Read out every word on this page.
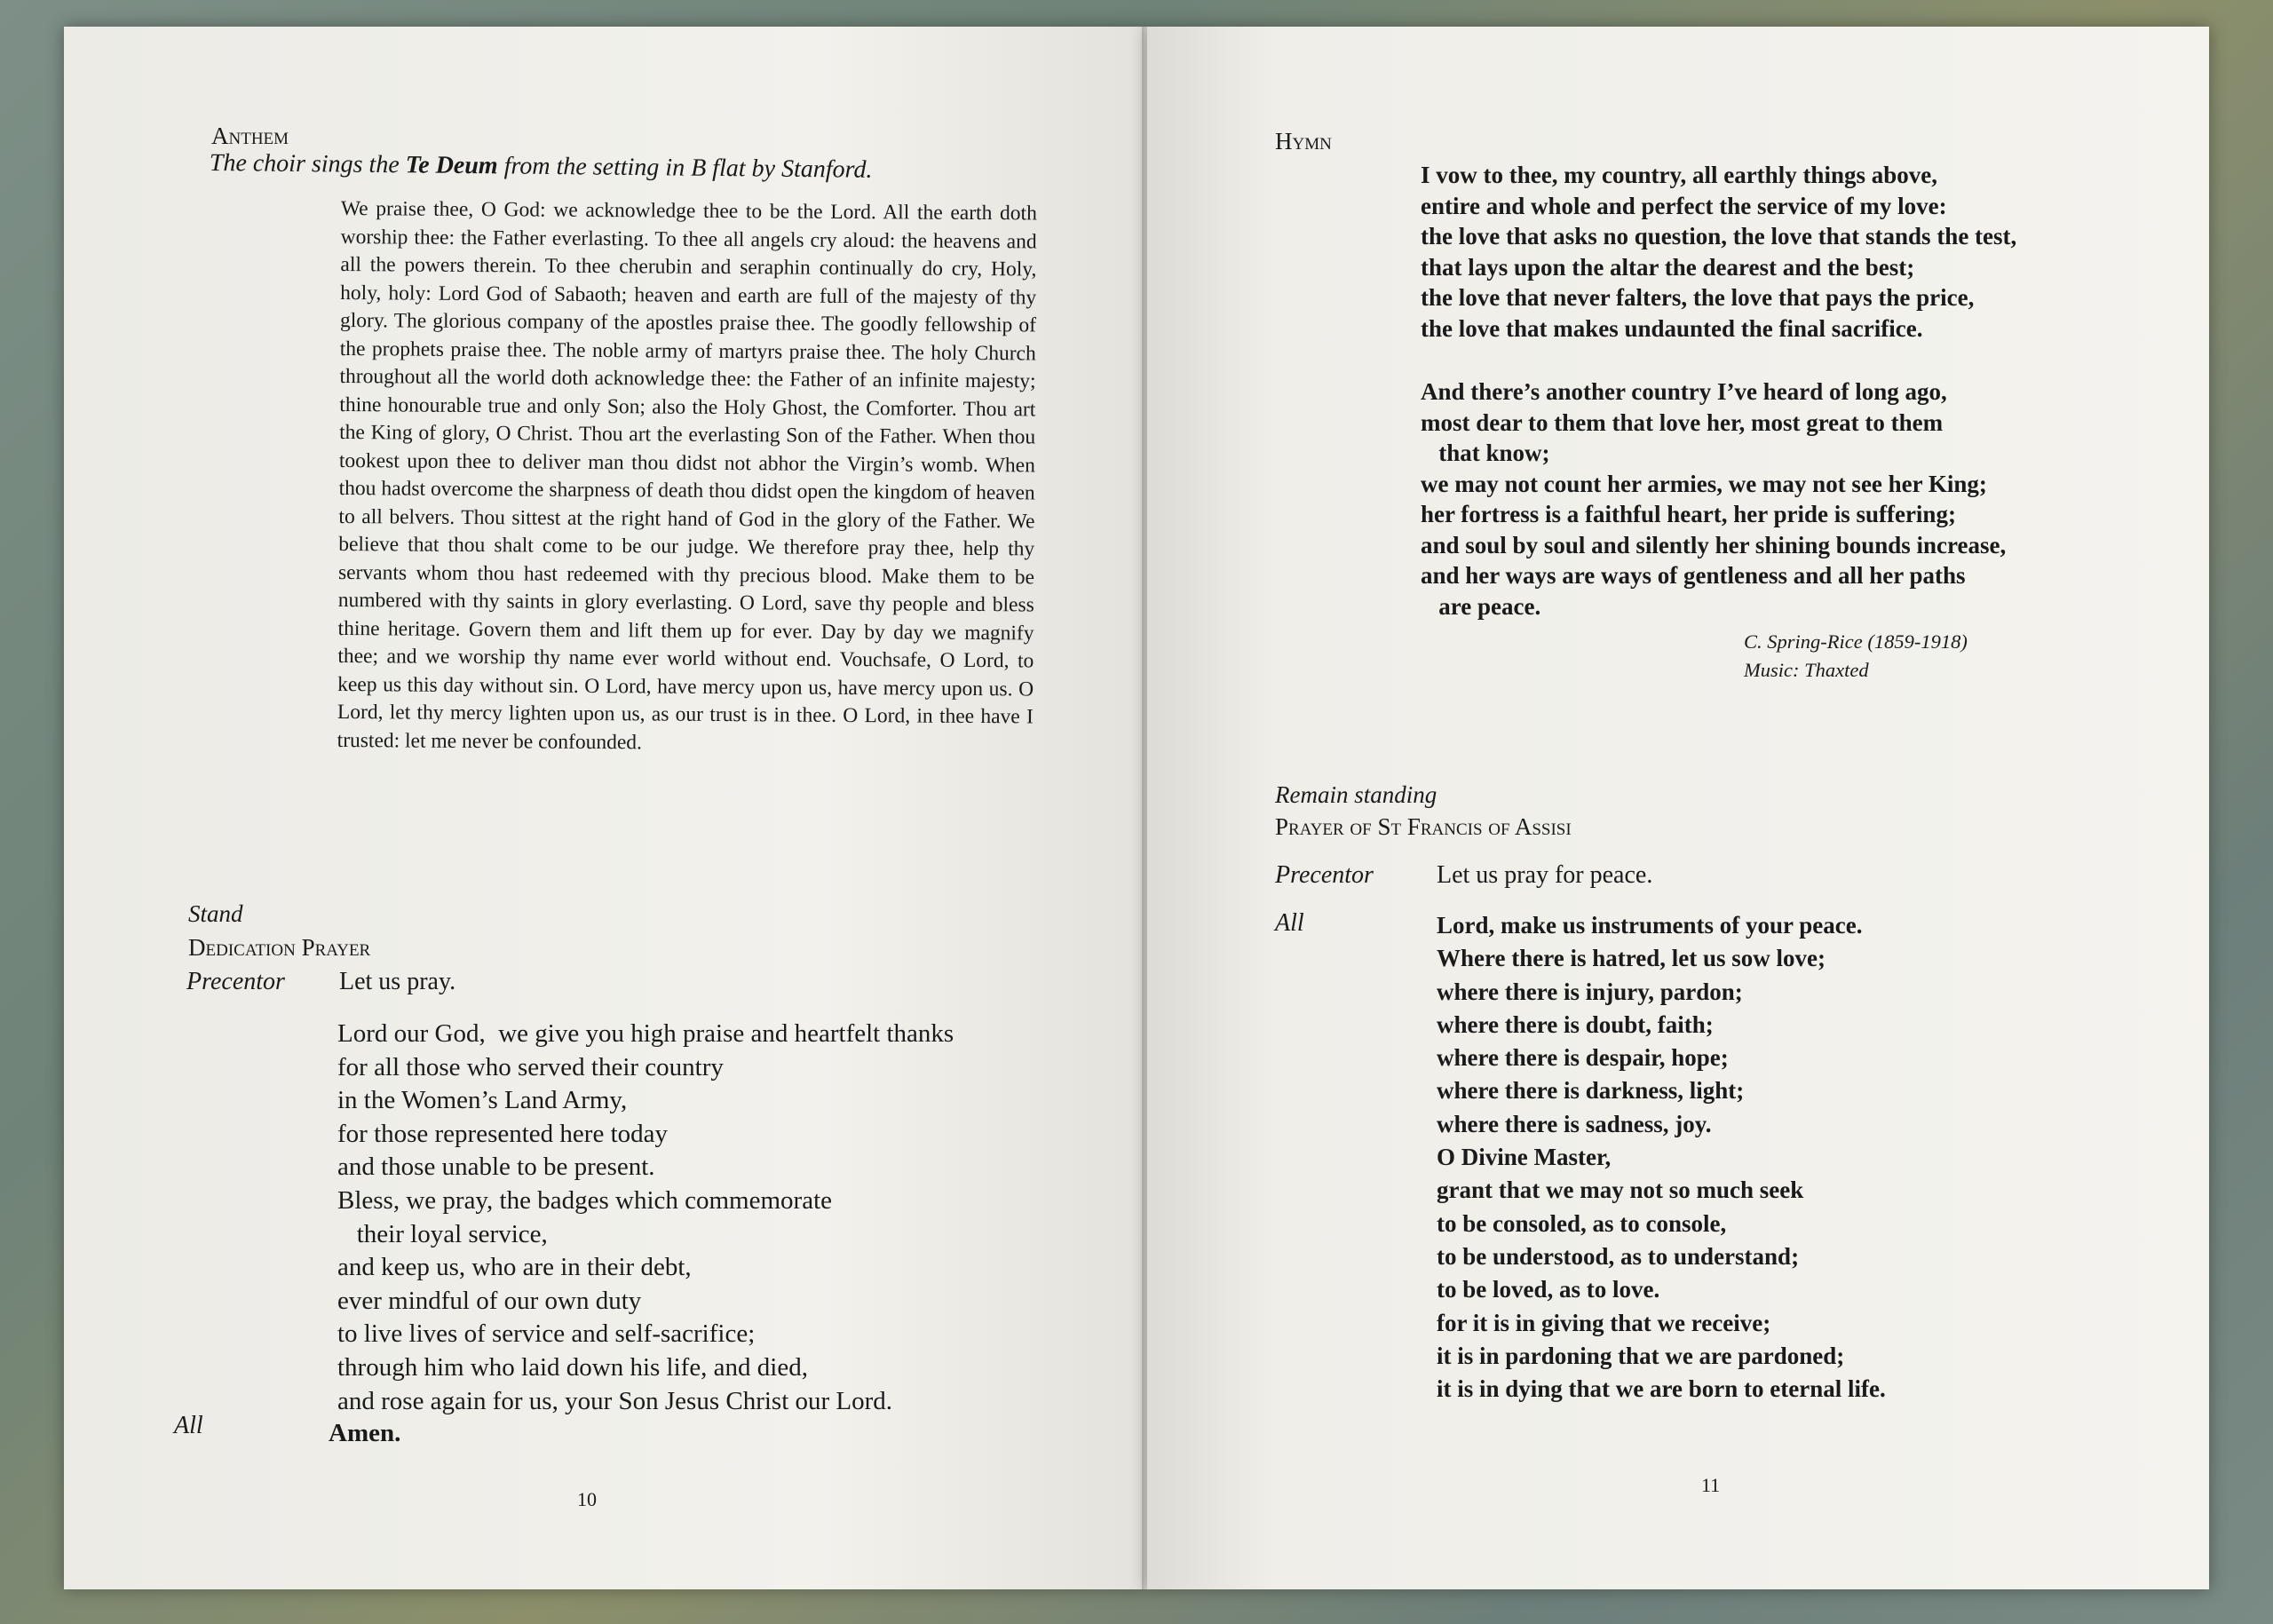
Anthem
The choir sings the Te Deum from the setting in B flat by Stanford.
We praise thee, O God: we acknowledge thee to be the Lord. All the earth doth worship thee: the Father everlasting. To thee all angels cry aloud: the heavens and all the powers therein. To thee cherubin and seraphin continually do cry, Holy, holy, holy: Lord God of Sabaoth; heaven and earth are full of the majesty of thy glory. The glorious company of the apostles praise thee. The goodly fellowship of the prophets praise thee. The noble army of martyrs praise thee. The holy Church throughout all the world doth acknowledge thee: the Father of an infinite majesty; thine honourable true and only Son; also the Holy Ghost, the Comforter. Thou art the King of glory, O Christ. Thou art the everlasting Son of the Father. When thou tookest upon thee to deliver man thou didst not abhor the Virgin’s womb. When thou hadst overcome the sharpness of death thou didst open the kingdom of heaven to all belvers. Thou sittest at the right hand of God in the glory of the Father. We believe that thou shalt come to be our judge. We therefore pray thee, help thy servants whom thou hast redeemed with thy precious blood. Make them to be numbered with thy saints in glory everlasting. O Lord, save thy people and bless thine heritage. Govern them and lift them up for ever. Day by day we magnify thee; and we worship thy name ever world without end. Vouchsafe, O Lord, to keep us this day without sin. O Lord, have mercy upon us, have mercy upon us. O Lord, let thy mercy lighten upon us, as our trust is in thee. O Lord, in thee have I trusted: let me never be confounded.
Stand
Dedication Prayer
Precentor Let us pray.
Lord our God,  we give you high praise and heartfelt thanks
for all those who served their country
in the Women’s Land Army,
for those represented here today
and those unable to be present.
Bless, we pray, the badges which commemorate
their loyal service,
and keep us, who are in their debt,
ever mindful of our own duty
to live lives of service and self-sacrifice;
through him who laid down his life, and died,
and rose again for us, your Son Jesus Christ our Lord.
All	Amen.
10
Hymn
I vow to thee, my country, all earthly things above,
entire and whole and perfect the service of my love:
the love that asks no question, the love that stands the test,
that lays upon the altar the dearest and the best;
the love that never falters, the love that pays the price,
the love that makes undaunted the final sacrifice.
And there’s another country I’ve heard of long ago,
most dear to them that love her, most great to them
that know;
we may not count her armies, we may not see her King;
her fortress is a faithful heart, her pride is suffering;
and soul by soul and silently her shining bounds increase,
and her ways are ways of gentleness and all her paths
are peace.
C. Spring-Rice (1859-1918)
Music: Thaxted
Remain standing
Prayer of St Francis of Assisi
Precentor	Let us pray for peace.
All	Lord, make us instruments of your peace.
Where there is hatred, let us sow love;
where there is injury, pardon;
where there is doubt, faith;
where there is despair, hope;
where there is darkness, light;
where there is sadness, joy.
O Divine Master,
grant that we may not so much seek
to be consoled, as to console,
to be understood, as to understand;
to be loved, as to love.
for it is in giving that we receive;
it is in pardoning that we are pardoned;
it is in dying that we are born to eternal life.
11
